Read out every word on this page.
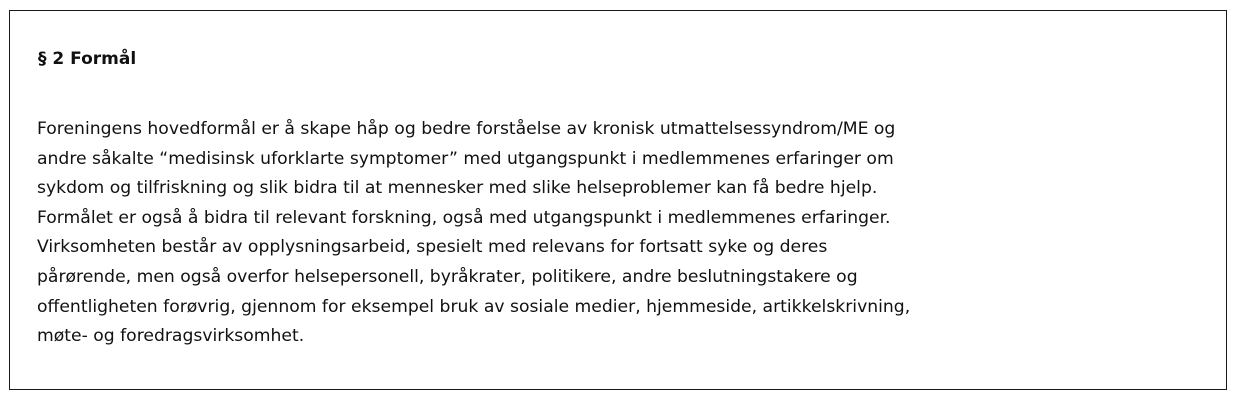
§ 2 Formål

Foreningens hovedformål er å skape håp og bedre forståelse av kronisk utmattelsessyndrom/ME og
andre såkalte “medisinsk uforklarte symptomer” med utgangspunkt i medlemmenes erfaringer om
sykdom og tilfriskning og slik bidra til at mennesker med slike helseproblemer kan få bedre hjelp.
Formålet er også å bidra til relevant forskning, også med utgangspunkt i medlemmenes erfaringer.
Virksomheten består av opplysningsarbeid, spesielt med relevans for fortsatt syke og deres
pårørende, men også overfor helsepersonell, byråkrater, politikere, andre beslutningstakere og
offentligheten forøvrig, gjennom for eksempel bruk av sosiale medier, hjemmeside, artikkelskrivning,
møte- og foredragsvirksomhet.
